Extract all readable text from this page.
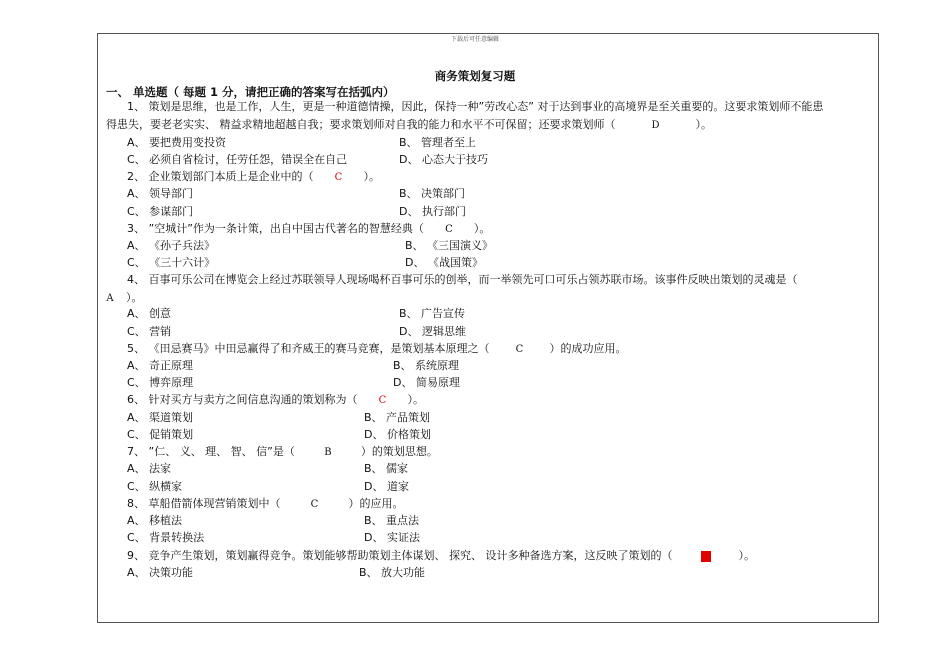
下载后可任意编辑
商务策划复习题
一、 单选题（ 每题 1 分，请把正确的答案写在括弧内）
1、 策划是思维，也是工作，人生，更是一种道德情操，因此，保持一种”劳改心态” 对于达到事业的高境界是至关重要的。这要求策划师不能患
得患失，要老老实实、 精益求精地超越自我；要求策划师对自我的能力和水平不可保留；还要求策划师（	D	）。
A、 要把费用变投资	B、 管理者至上
C、 必须自省检讨，任劳任怨，错误全在自己	D、 心态大于技巧
2、 企业策划部门本质上是企业中的（ C ）。
A、 领导部门	B、 决策部门
C、 参谋部门	D、 执行部门
3、 ”空城计”作为一条计策，出自中国古代著名的智慧经典（ C ）。
A、 《孙子兵法》	B、 《三国演义》
C、 《三十六计》	D、 《战国策》
4、 百事可乐公司在博览会上经过苏联领导人现场喝杯百事可乐的创举，而一举领先可口可乐占领苏联市场。该事件反映出策划的灵魂是（
A ）。
A、 创意	B、 广告宣传
C、 营销	D、 逻辑思维
5、 《田忌赛马》中田忌赢得了和齐威王的赛马竞赛，是策划基本原理之（	C ）的成功应用。
A、 奇正原理	B、 系统原理
C、 博弈原理	D、 简易原理
6、 针对买方与卖方之间信息沟通的策划称为（ C ）。
A、 渠道策划	B、 产品策划
C、 促销策划	D、 价格策划
7、 ”仁、 义、 理、 智、 信”是（	B	）的策划思想。
A、 法家	B、 儒家
C、 纵横家	D、 道家
8、 草船借箭体现营销策划中（	C	）的应用。
A、 移植法	B、 重点法
C、 背景转换法	D、 实证法
9、 竞争产生策划，策划赢得竞争。策划能够帮助策划主体谋划、 探究、 设计多种备选方案，这反映了策划的（	A	）。
A、 决策功能	B、 放大功能
